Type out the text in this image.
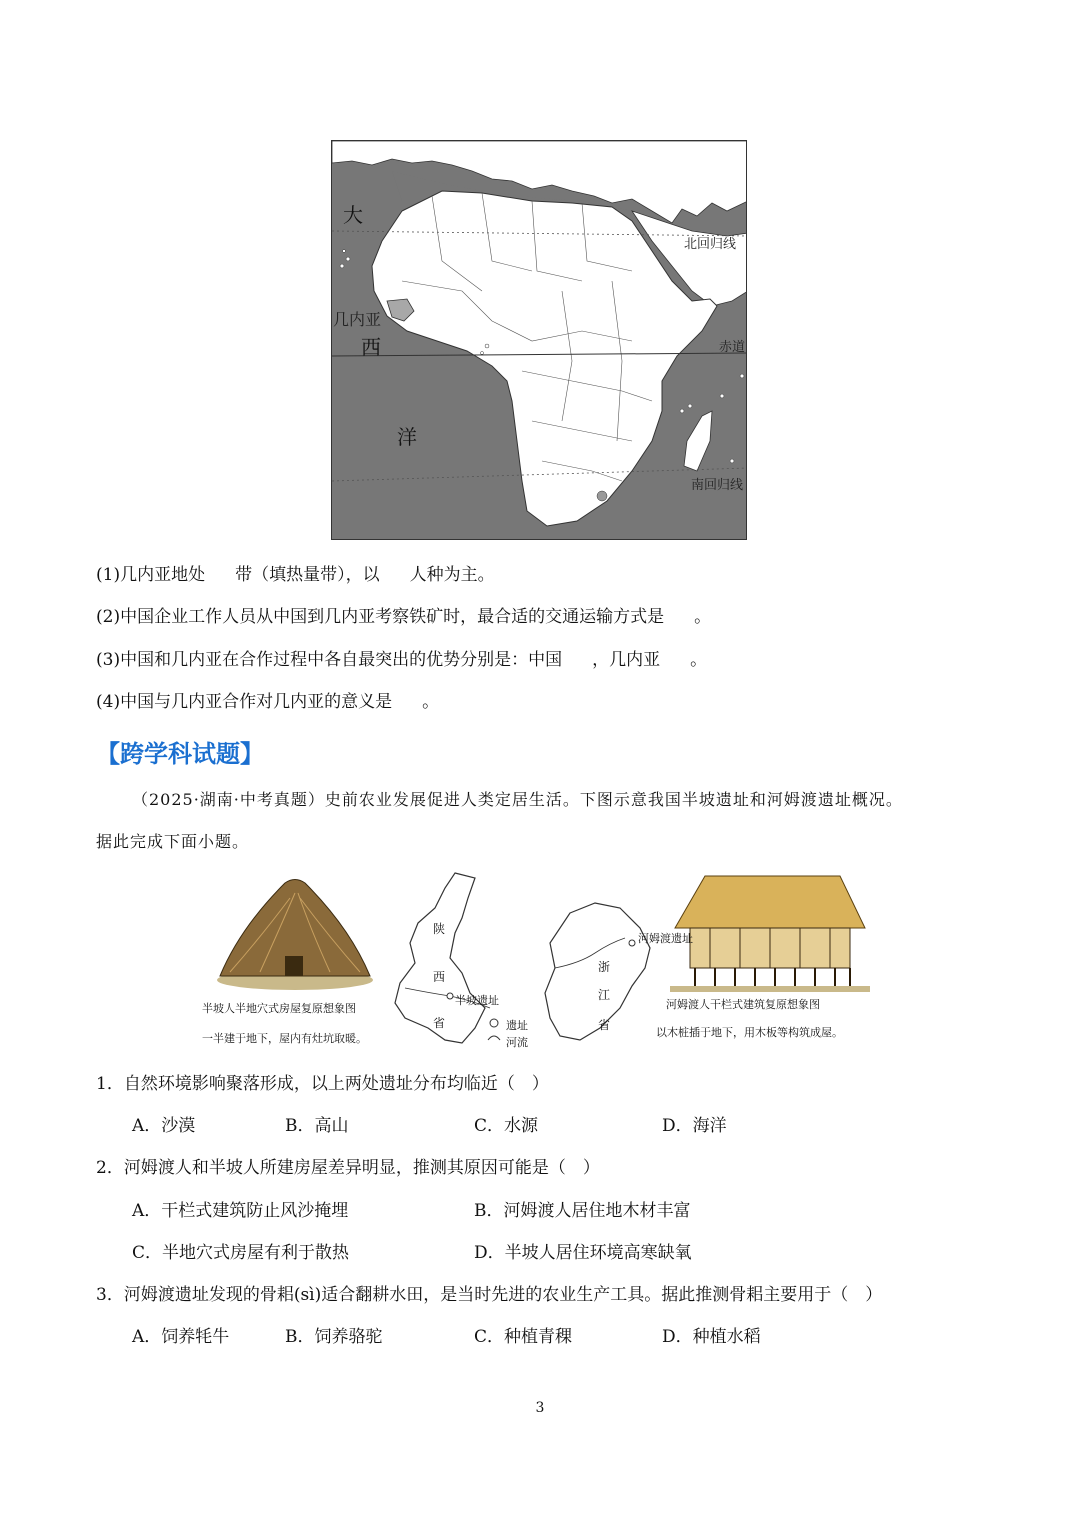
大
西
洋
几内亚
北回归线
赤道
南回归线
(1)几内亚地处 带（填热量带），以 人种为主。
(2)中国企业工作人员从中国到几内亚考察铁矿时，最合适的交通运输方式是 。
(3)中国和几内亚在合作过程中各自最突出的优势分别是：中国 ，几内亚 。
(4)中国与几内亚合作对几内亚的意义是 。
【跨学科试题】
（2025·湖南·中考真题）史前农业发展促进人类定居生活。下图示意我国半坡遗址和河姆渡遗址概况。
据此完成下面小题。
半坡人半地穴式房屋复原想象图
一半建于地下，屋内有灶坑取暖。
陕
西
省
半坡遗址
遗址
河流
浙
江
省
河姆渡遗址
河姆渡人干栏式建筑复原想象图
以木桩插于地下，用木板等构筑成屋。
1．自然环境影响聚落形成，以上两处遗址分布均临近（　）
A．沙漠	B．高山	C．水源	D．海洋
2．河姆渡人和半坡人所建房屋差异明显，推测其原因可能是（　）
A．干栏式建筑防止风沙掩埋	B．河姆渡人居住地木材丰富
C．半地穴式房屋有利于散热	D．半坡人居住环境高寒缺氧
3．河姆渡遗址发现的骨耜(sì)适合翻耕水田，是当时先进的农业生产工具。据此推测骨耜主要用于（　）
A．饲养牦牛	B．饲养骆驼	C．种植青稞	D．种植水稻
3
